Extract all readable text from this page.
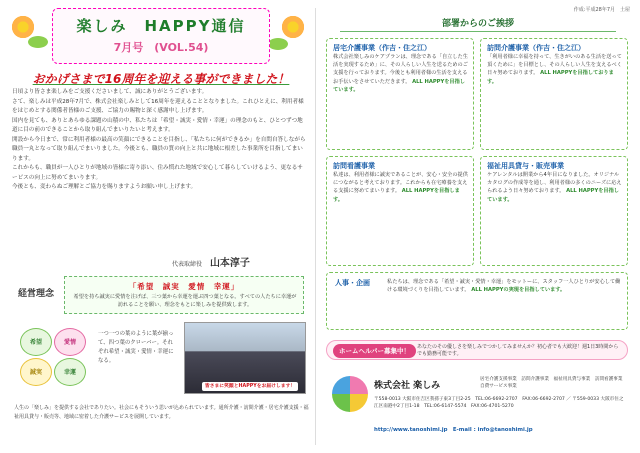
楽しみ　HAPPY通信
7月号　(VOL.54)
おかげさまで16周年を迎える事ができました！

日頃より皆さま楽しみをご支援くださいまして、誠にありがとうございます。

さて、楽しみは平成28年7月で、株式会社楽しみとして16周年を迎えることとなりました。これひとえに、利用者様をはじめとする関係者皆様のご支援、ご協力の賜物と深く感謝申し上げます。

国内を見ても、ありとあらゆる課題の山積の中、私たちは「希望・誠実・愛情・幸運」の理念のもと、ひとつずつ地道に目の前のできることから取り組んでまいりたいと考えます。

開設から今日まで、常に利用者様の最高の笑顔にできることを目指し、「私たちに何ができるか」を自問自答しながら職員一丸となって取り組んでまいりました。今後とも、職員の質の向上と共に地域に根差した事業所を目指してまいります。

これからも、職員が一人ひとりが地域の皆様に寄り添い、住み慣れた地域で安心して暮らしていけるよう、更なるサービスの向上に努めてまいります。

今後とも、変わらぬご理解とご協力を賜りますようお願い申し上げます。

代表取締役 山本淳子
経営理念
「希望　誠実　愛情　幸運」
希望を持ち誠実に愛情を注げば、三つ葉から幸運を運ぶ四つ葉となる。すべての人たちに幸運が訪れることを願い、理念をもとに楽しみを提供致します。
希望	愛情
誠実	幸運
一つ一つの葉のように葉が揃って、四つ葉のクローバー。それぞれ希望・誠実・愛情・幸運になる。
皆さまに笑顔とHAPPYをお届けします！
人生の「楽しみ」を提供する会社でありたい。社会にもそういう思いが込められています。通所介護・訪問介護・居宅介護支援・福祉用具貸与・販売等、地域に密着した介護サービスを展開しています。
作成:平成28年7月　土屋
部署からのご挨拶
居宅介護事業（作吉・住之江）
株式会社楽しみのケアプランは、理念である「自立した生活を実現するため」に、その人らしい人生を送るためのご支援を行っております。今後とも利用者様の生活を支えるお手伝いをさせていただきます。 ALL HAPPYを目指しています。
訪問介護事業（作吉・住之江）
「利用者様に幸福を持って、生きがいのある生活を送って頂くために」を目標とし、その人らしい人生を支えるべく日々努めております。 ALL HAPPYを目指しております。
訪問看護事業
私達は、利用者様に誠実であることが、安心・安全の提供につながると考えております。これからも在宅療養を支える支援に努めてまいります。 ALL HAPPYを目指します。
福祉用具貸与・販売事業
ケアレンタルは開業から4年目になりました。オリジナルカタログの作成等を通し、利用者様の多くのニーズに応えられるよう日々努めております。 ALL HAPPYを目指しています。
人事・企画	私たちは、理念である「希望・誠実・愛情・幸運」をモットーに、スタッフ一人ひとりが安心して働ける環境づくりを目指しています。 ALL HAPPYの実現を目指しています。
ホームヘルパー募集中！	あなたのその優しさを楽しみでつかしてみませんか？初心者でも大歓迎！週1日3時間からでも勤務可能です。
株式会社 楽しみ
居宅介護支援事業　訪問介護事業　福祉用具貸与事業　訪問看護事業　自費サービス事業
〒558-0013 大阪市住吉区我孫子東3丁目2-25　TEL:06-6692-2707　FAX:06-6692-2707 ／ 〒559-0033 大阪市住之江区南港中2丁目1-18　TEL:06-6147-5574　FAX:06-4701-5270
http://www.tanoshimi.jp　E-mail : info@tanoshimi.jp
